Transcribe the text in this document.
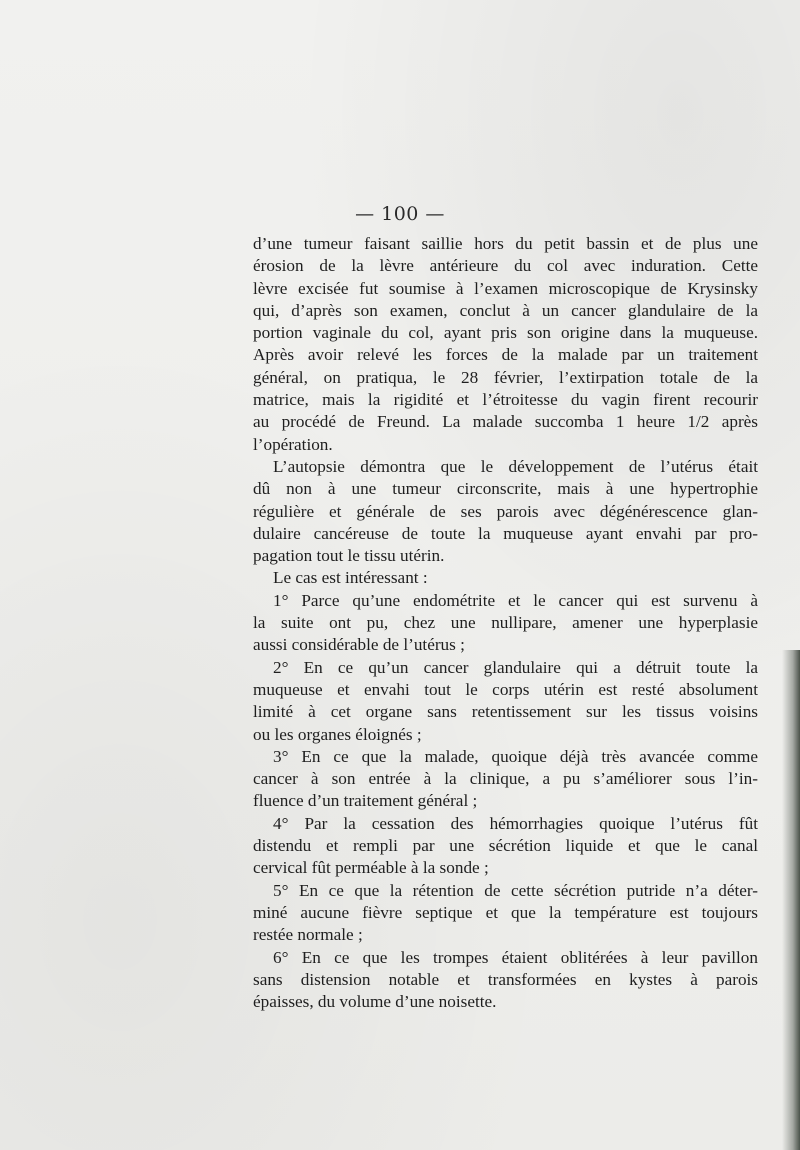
— 100 —
d’une tumeur faisant saillie hors du petit bassin et de plus une
érosion de la lèvre antérieure du col avec induration. Cette
lèvre excisée fut soumise à l’examen microscopique de Krysinsky
qui, d’après son examen, conclut à un cancer glandulaire de la
portion vaginale du col, ayant pris son origine dans la muqueuse.
Après avoir relevé les forces de la malade par un traitement
général, on pratiqua, le 28 février, l’extirpation totale de la
matrice, mais la rigidité et l’étroitesse du vagin firent recourir
au procédé de Freund. La malade succomba 1 heure 1/2 après
l’opération.
L’autopsie démontra que le développement de l’utérus était
dû non à une tumeur circonscrite, mais à une hypertrophie
régulière et générale de ses parois avec dégénérescence glan-
dulaire cancéreuse de toute la muqueuse ayant envahi par pro-
pagation tout le tissu utérin.
Le cas est intéressant :
1° Parce qu’une endométrite et le cancer qui est survenu à
la suite ont pu, chez une nullipare, amener une hyperplasie
aussi considérable de l’utérus ;
2° En ce qu’un cancer glandulaire qui a détruit toute la
muqueuse et envahi tout le corps utérin est resté absolument
limité à cet organe sans retentissement sur les tissus voisins
ou les organes éloignés ;
3° En ce que la malade, quoique déjà très avancée comme
cancer à son entrée à la clinique, a pu s’améliorer sous l’in-
fluence d’un traitement général ;
4° Par la cessation des hémorrhagies quoique l’utérus fût
distendu et rempli par une sécrétion liquide et que le canal
cervical fût perméable à la sonde ;
5° En ce que la rétention de cette sécrétion putride n’a déter-
miné aucune fièvre septique et que la température est toujours
restée normale ;
6° En ce que les trompes étaient oblitérées à leur pavillon
sans distension notable et transformées en kystes à parois
épaisses, du volume d’une noisette.
